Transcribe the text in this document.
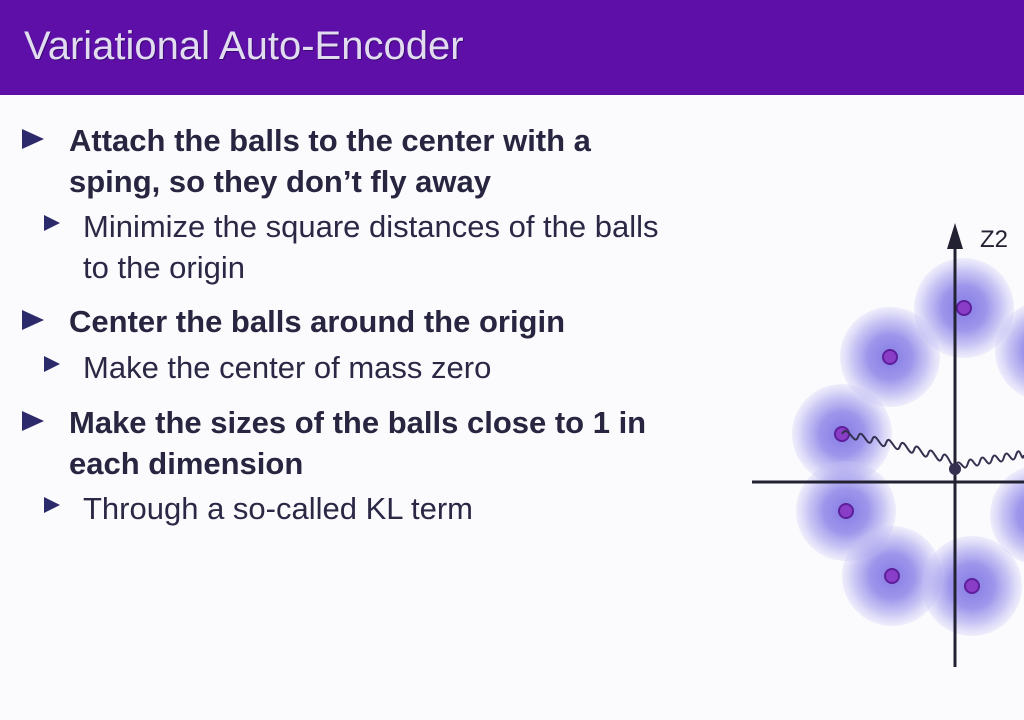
Variational Auto-Encoder
Attach the balls to the center with a
sping, so they don’t fly away
Minimize the square distances of the balls
to the origin
Center the balls around the origin
Make the center of mass zero
Make the sizes of the balls close to 1 in
each dimension
Through a so-called KL term
Z2
